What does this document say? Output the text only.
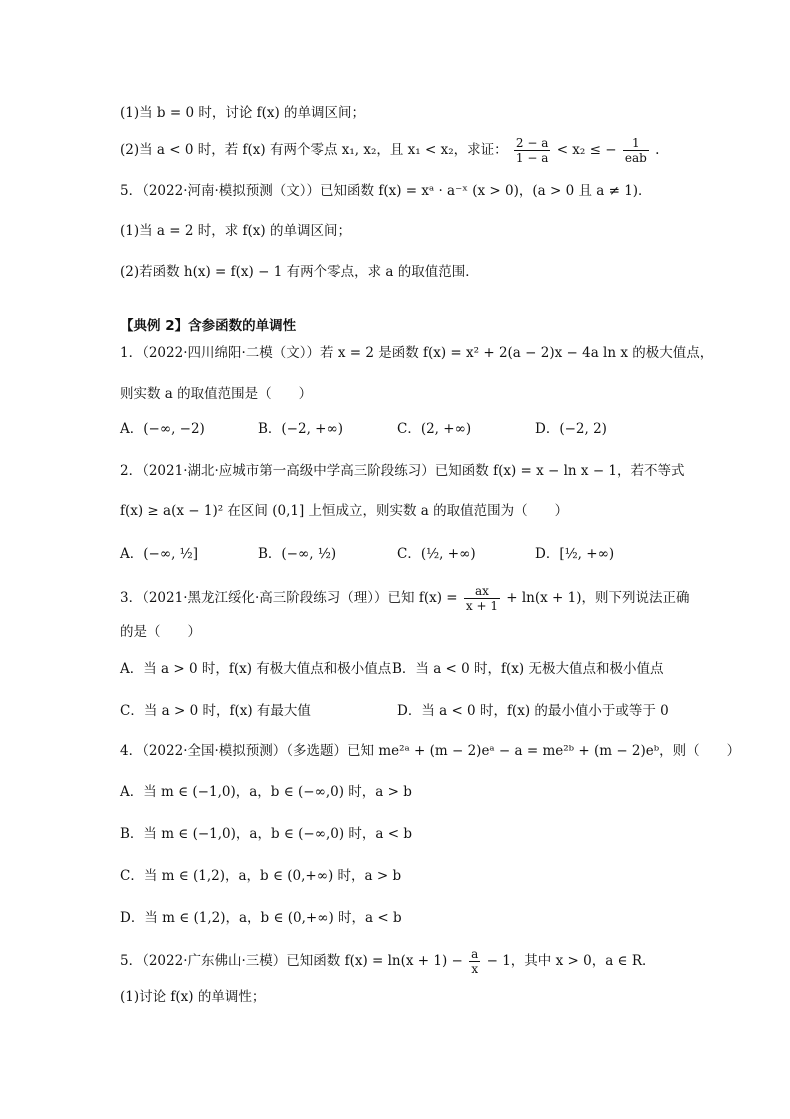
(1)当 b = 0 时，讨论 f(x) 的单调区间；
(2)当 a < 0 时，若 f(x) 有两个零点 x₁, x₂，且 x₁ < x₂，求证： $\frac{2 - a}{1 - a} < x_2$ ≤ − $\frac{1}{\text{eab}}$ .
5．（2022·河南·模拟预测（文））已知函数 f(x) = xᵃ · a⁻ˣ (x > 0)，(a > 0 且 a ≠ 1)．
(1)当 a = 2 时，求 f(x) 的单调区间；
(2)若函数 h(x) = f(x) − 1 有两个零点，求 a 的取值范围．
【典例 2】含参函数的单调性
1．（2022·四川绵阳·二模（文））若 x = 2 是函数 f(x) = x² + 2(a − 2)x − 4a ln x 的极大值点，
则实数 a 的取值范围是（　　）
A．(−∞, −2)	B．(−2, +∞)	C．(2, +∞)	D．(−2, 2)
2．（2021·湖北·应城市第一高级中学高三阶段练习）已知函数 f(x) = x − ln x − 1，若不等式
f(x) ≥ a(x − 1)² 在区间 (0,1] 上恒成立，则实数 a 的取值范围为（　　）
A．(−∞, ½]	B．(−∞, ½)	C．(½, +∞)	D．[½, +∞)
3．（2021·黑龙江绥化·高三阶段练习（理））已知 $f(x) = \frac{ax}{x + 1} + \ln(x + 1)$，则下列说法正确
的是（　　）
A．当 a > 0 时，f(x) 有极大值点和极小值点 B．当 a < 0 时，f(x) 无极大值点和极小值点
C．当 a > 0 时，f(x) 有最大值	D．当 a < 0 时，f(x) 的最小值小于或等于 0
4．（2022·全国·模拟预测）（多选题）已知 me²ᵃ + (m − 2)eᵃ − a = me²ᵇ + (m − 2)eᵇ，则（　　）
A．当 m ∈ (−1,0)，a，b ∈ (−∞,0) 时，a > b
B．当 m ∈ (−1,0)，a，b ∈ (−∞,0) 时，a < b
C．当 m ∈ (1,2)，a，b ∈ (0,+∞) 时，a > b
D．当 m ∈ (1,2)，a，b ∈ (0,+∞) 时，a < b
5．（2022·广东佛山·三模）已知函数 $f(x) = \ln(x + 1) - \frac{a}{x} - 1$，其中 x > 0，a ∈ R．
(1)讨论 f(x) 的单调性；
